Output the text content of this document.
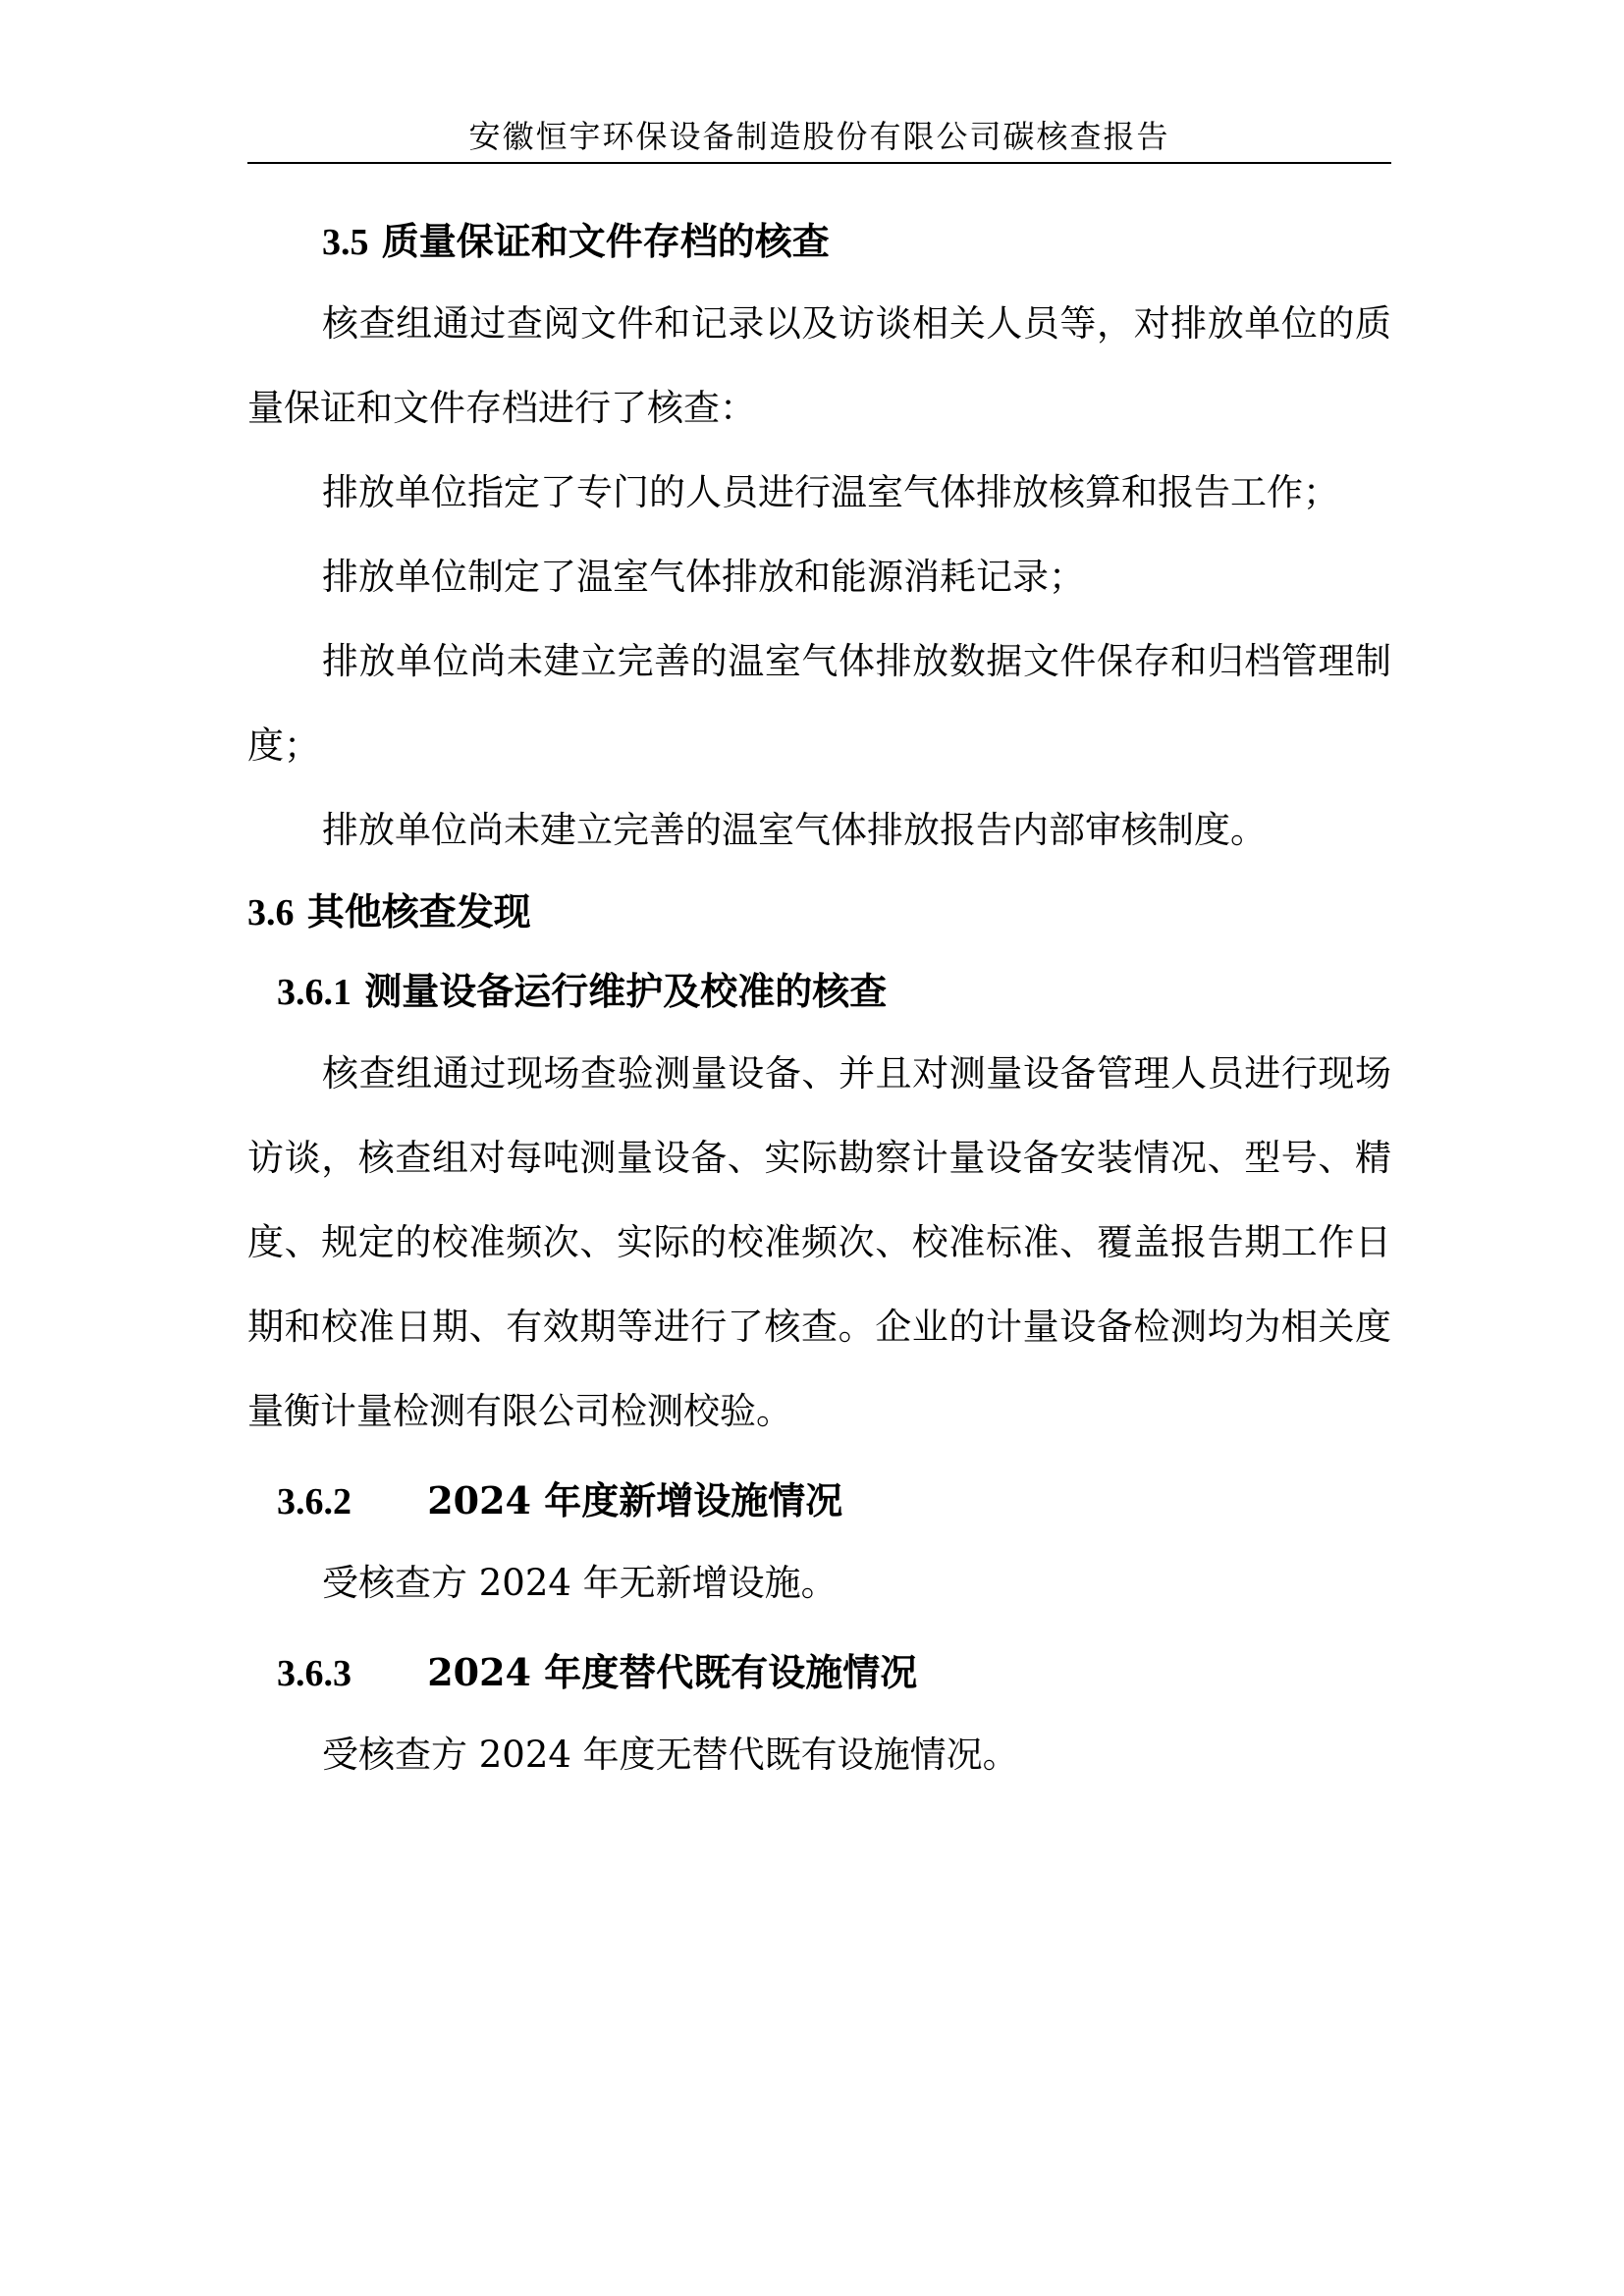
安徽恒宇环保设备制造股份有限公司碳核查报告
3.5 质量保证和文件存档的核查

核查组通过查阅文件和记录以及访谈相关人员等，对排放单位的质量保证和文件存档进行了核查：

排放单位指定了专门的人员进行温室气体排放核算和报告工作；

排放单位制定了温室气体排放和能源消耗记录；

排放单位尚未建立完善的温室气体排放数据文件保存和归档管理制度；

排放单位尚未建立完善的温室气体排放报告内部审核制度。

3.6 其他核查发现
3.6.1 测量设备运行维护及校准的核查

核查组通过现场查验测量设备、并且对测量设备管理人员进行现场访谈，核查组对每吨测量设备、实际勘察计量设备安装情况、型号、精度、规定的校准频次、实际的校准频次、校准标准、覆盖报告期工作日期和校准日期、有效期等进行了核查。企业的计量设备检测均为相关度量衡计量检测有限公司检测校验。

3.6.2 2024 年度新增设施情况

受核查方 2024 年无新增设施。

3.6.3 2024 年度替代既有设施情况

受核查方 2024 年度无替代既有设施情况。
